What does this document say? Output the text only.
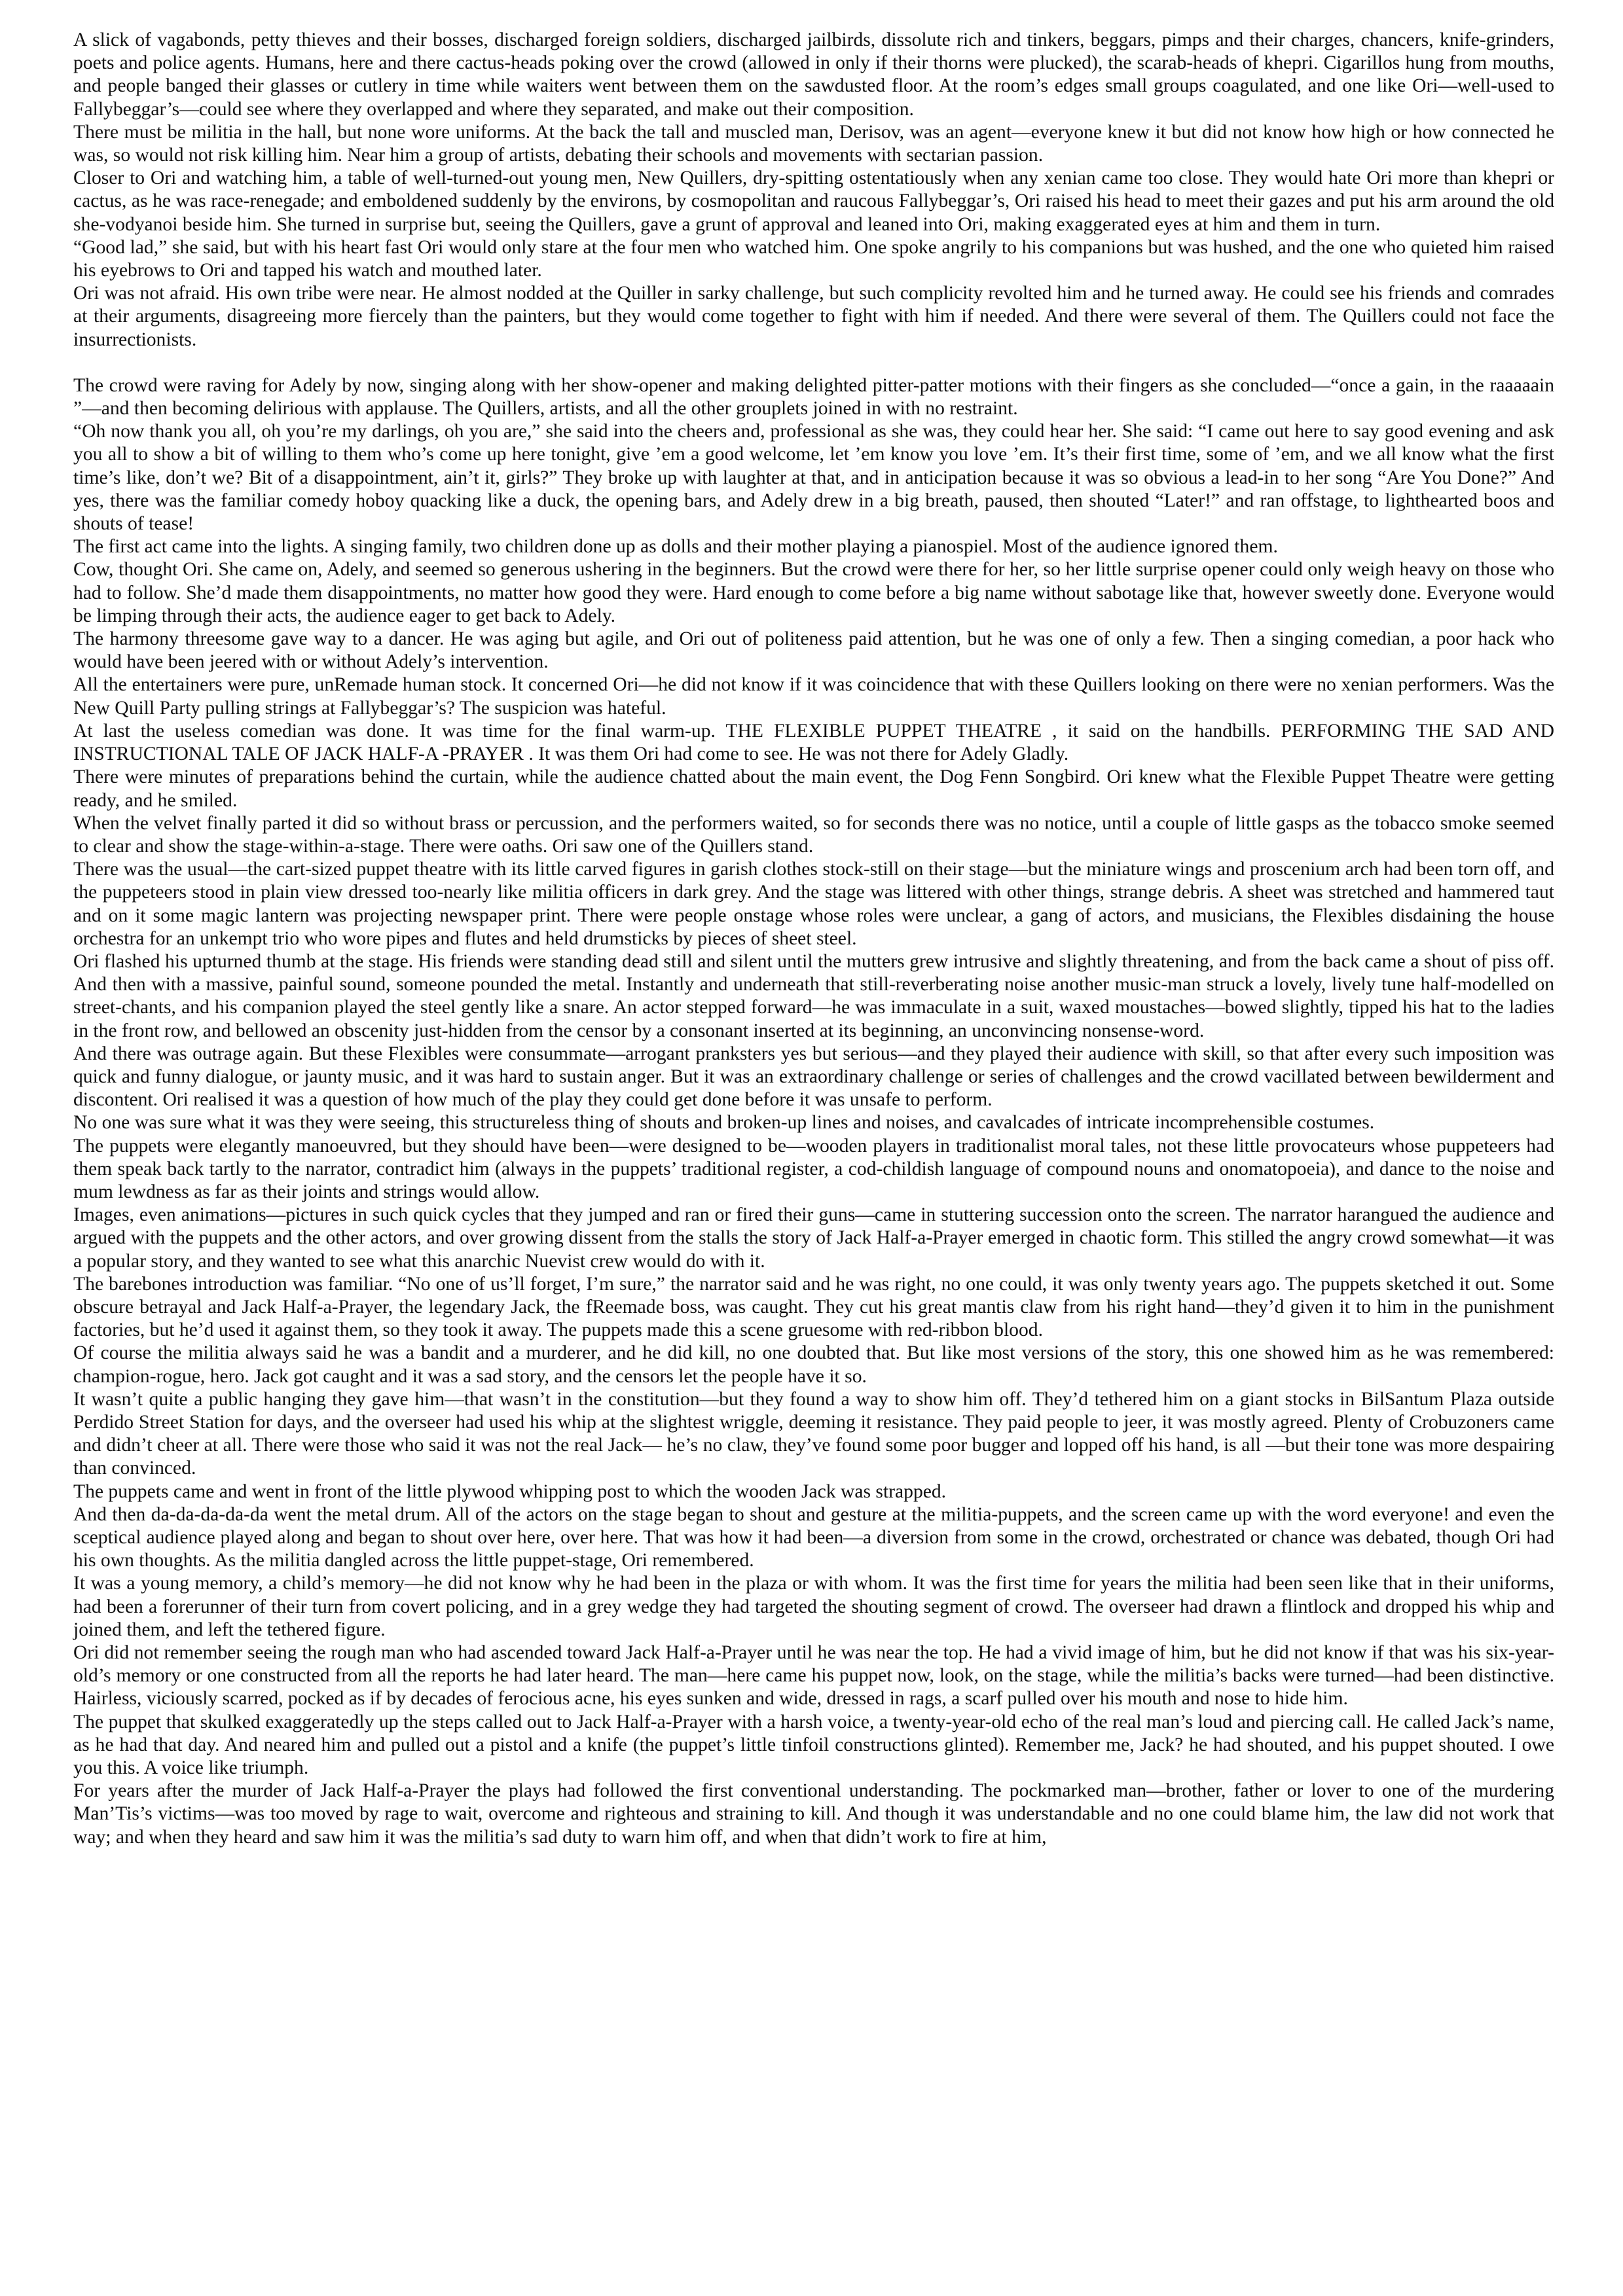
A slick of vagabonds, petty thieves and their bosses, discharged foreign soldiers, discharged jailbirds, dissolute rich and tinkers, beggars, pimps and their charges, chancers, knife-grinders, poets and police agents. Humans, here and there cactus-heads poking over the crowd (allowed in only if their thorns were plucked), the scarab-heads of khepri. Cigarillos hung from mouths, and people banged their glasses or cutlery in time while waiters went between them on the sawdusted floor. At the room’s edges small groups coagulated, and one like Ori—well-used to Fallybeggar’s—could see where they overlapped and where they separated, and make out their composition.

There must be militia in the hall, but none wore uniforms. At the back the tall and muscled man, Derisov, was an agent—everyone knew it but did not know how high or how connected he was, so would not risk killing him. Near him a group of artists, debating their schools and movements with sectarian passion.

Closer to Ori and watching him, a table of well-turned-out young men, New Quillers, dry-spitting ostentatiously when any xenian came too close. They would hate Ori more than khepri or cactus, as he was race-renegade; and emboldened suddenly by the environs, by cosmopolitan and raucous Fallybeggar’s, Ori raised his head to meet their gazes and put his arm around the old she-vodyanoi beside him. She turned in surprise but, seeing the Quillers, gave a grunt of approval and leaned into Ori, making exaggerated eyes at him and them in turn.

“Good lad,” she said, but with his heart fast Ori would only stare at the four men who watched him. One spoke angrily to his companions but was hushed, and the one who quieted him raised his eyebrows to Ori and tapped his watch and mouthed later.

Ori was not afraid. His own tribe were near. He almost nodded at the Quiller in sarky challenge, but such complicity revolted him and he turned away. He could see his friends and comrades at their arguments, disagreeing more fiercely than the painters, but they would come together to fight with him if needed. And there were several of them. The Quillers could not face the insurrectionists.

The crowd were raving for Adely by now, singing along with her show-opener and making delighted pitter-patter motions with their fingers as she concluded—“once a gain, in the raaaaain ”—and then becoming delirious with applause. The Quillers, artists, and all the other grouplets joined in with no restraint.

“Oh now thank you all, oh you’re my darlings, oh you are,” she said into the cheers and, professional as she was, they could hear her. She said: “I came out here to say good evening and ask you all to show a bit of willing to them who’s come up here tonight, give ’em a good welcome, let ’em know you love ’em. It’s their first time, some of ’em, and we all know what the first time’s like, don’t we? Bit of a disappointment, ain’t it, girls?” They broke up with laughter at that, and in anticipation because it was so obvious a lead-in to her song “Are You Done?” And yes, there was the familiar comedy hoboy quacking like a duck, the opening bars, and Adely drew in a big breath, paused, then shouted “Later!” and ran offstage, to lighthearted boos and shouts of tease!

The first act came into the lights. A singing family, two children done up as dolls and their mother playing a pianospiel. Most of the audience ignored them.

Cow, thought Ori. She came on, Adely, and seemed so generous ushering in the beginners. But the crowd were there for her, so her little surprise opener could only weigh heavy on those who had to follow. She’d made them disappointments, no matter how good they were. Hard enough to come before a big name without sabotage like that, however sweetly done. Everyone would be limping through their acts, the audience eager to get back to Adely.

The harmony threesome gave way to a dancer. He was aging but agile, and Ori out of politeness paid attention, but he was one of only a few. Then a singing comedian, a poor hack who would have been jeered with or without Adely’s intervention.

All the entertainers were pure, unRemade human stock. It concerned Ori—he did not know if it was coincidence that with these Quillers looking on there were no xenian performers. Was the New Quill Party pulling strings at Fallybeggar’s? The suspicion was hateful.

At last the useless comedian was done. It was time for the final warm-up. THE FLEXIBLE PUPPET THEATRE , it said on the handbills. PERFORMING THE SAD AND INSTRUCTIONAL TALE OF JACK HALF-A -PRAYER . It was them Ori had come to see. He was not there for Adely Gladly.

There were minutes of preparations behind the curtain, while the audience chatted about the main event, the Dog Fenn Songbird. Ori knew what the Flexible Puppet Theatre were getting ready, and he smiled.

When the velvet finally parted it did so without brass or percussion, and the performers waited, so for seconds there was no notice, until a couple of little gasps as the tobacco smoke seemed to clear and show the stage-within-a-stage. There were oaths. Ori saw one of the Quillers stand.

There was the usual—the cart-sized puppet theatre with its little carved figures in garish clothes stock-still on their stage—but the miniature wings and proscenium arch had been torn off, and the puppeteers stood in plain view dressed too-nearly like militia officers in dark grey. And the stage was littered with other things, strange debris. A sheet was stretched and hammered taut and on it some magic lantern was projecting newspaper print. There were people onstage whose roles were unclear, a gang of actors, and musicians, the Flexibles disdaining the house orchestra for an unkempt trio who wore pipes and flutes and held drumsticks by pieces of sheet steel.

Ori flashed his upturned thumb at the stage. His friends were standing dead still and silent until the mutters grew intrusive and slightly threatening, and from the back came a shout of piss off. And then with a massive, painful sound, someone pounded the metal. Instantly and underneath that still-reverberating noise another music-man struck a lovely, lively tune half-modelled on street-chants, and his companion played the steel gently like a snare. An actor stepped forward—he was immaculate in a suit, waxed moustaches—bowed slightly, tipped his hat to the ladies in the front row, and bellowed an obscenity just-hidden from the censor by a consonant inserted at its beginning, an unconvincing nonsense-word.

And there was outrage again. But these Flexibles were consummate—arrogant pranksters yes but serious—and they played their audience with skill, so that after every such imposition was quick and funny dialogue, or jaunty music, and it was hard to sustain anger. But it was an extraordinary challenge or series of challenges and the crowd vacillated between bewilderment and discontent. Ori realised it was a question of how much of the play they could get done before it was unsafe to perform.

No one was sure what it was they were seeing, this structureless thing of shouts and broken-up lines and noises, and cavalcades of intricate incomprehensible costumes.

The puppets were elegantly manoeuvred, but they should have been—were designed to be—wooden players in traditionalist moral tales, not these little provocateurs whose puppeteers had them speak back tartly to the narrator, contradict him (always in the puppets’ traditional register, a cod-childish language of compound nouns and onomatopoeia), and dance to the noise and mum lewdness as far as their joints and strings would allow.

Images, even animations—pictures in such quick cycles that they jumped and ran or fired their guns—came in stuttering succession onto the screen. The narrator harangued the audience and argued with the puppets and the other actors, and over growing dissent from the stalls the story of Jack Half-a-Prayer emerged in chaotic form. This stilled the angry crowd somewhat—it was a popular story, and they wanted to see what this anarchic Nuevist crew would do with it.

The barebones introduction was familiar. “No one of us’ll forget, I’m sure,” the narrator said and he was right, no one could, it was only twenty years ago. The puppets sketched it out. Some obscure betrayal and Jack Half-a-Prayer, the legendary Jack, the fReemade boss, was caught. They cut his great mantis claw from his right hand—they’d given it to him in the punishment factories, but he’d used it against them, so they took it away. The puppets made this a scene gruesome with red-ribbon blood.

Of course the militia always said he was a bandit and a murderer, and he did kill, no one doubted that. But like most versions of the story, this one showed him as he was remembered: champion-rogue, hero. Jack got caught and it was a sad story, and the censors let the people have it so.

It wasn’t quite a public hanging they gave him—that wasn’t in the constitution—but they found a way to show him off. They’d tethered him on a giant stocks in BilSantum Plaza outside Perdido Street Station for days, and the overseer had used his whip at the slightest wriggle, deeming it resistance. They paid people to jeer, it was mostly agreed. Plenty of Crobuzoners came and didn’t cheer at all. There were those who said it was not the real Jack— he’s no claw, they’ve found some poor bugger and lopped off his hand, is all —but their tone was more despairing than convinced.

The puppets came and went in front of the little plywood whipping post to which the wooden Jack was strapped.

And then da-da-da-da-da went the metal drum. All of the actors on the stage began to shout and gesture at the militia-puppets, and the screen came up with the word everyone! and even the sceptical audience played along and began to shout over here, over here. That was how it had been—a diversion from some in the crowd, orchestrated or chance was debated, though Ori had his own thoughts. As the militia dangled across the little puppet-stage, Ori remembered.

It was a young memory, a child’s memory—he did not know why he had been in the plaza or with whom. It was the first time for years the militia had been seen like that in their uniforms, had been a forerunner of their turn from covert policing, and in a grey wedge they had targeted the shouting segment of crowd. The overseer had drawn a flintlock and dropped his whip and joined them, and left the tethered figure.

Ori did not remember seeing the rough man who had ascended toward Jack Half-a-Prayer until he was near the top. He had a vivid image of him, but he did not know if that was his six-year-old’s memory or one constructed from all the reports he had later heard. The man—here came his puppet now, look, on the stage, while the militia’s backs were turned—had been distinctive. Hairless, viciously scarred, pocked as if by decades of ferocious acne, his eyes sunken and wide, dressed in rags, a scarf pulled over his mouth and nose to hide him.

The puppet that skulked exaggeratedly up the steps called out to Jack Half-a-Prayer with a harsh voice, a twenty-year-old echo of the real man’s loud and piercing call. He called Jack’s name, as he had that day. And neared him and pulled out a pistol and a knife (the puppet’s little tinfoil constructions glinted). Remember me, Jack? he had shouted, and his puppet shouted. I owe you this. A voice like triumph.

For years after the murder of Jack Half-a-Prayer the plays had followed the first conventional understanding. The pockmarked man—brother, father or lover to one of the murdering Man’Tis’s victims—was too moved by rage to wait, overcome and righteous and straining to kill. And though it was understandable and no one could blame him, the law did not work that way; and when they heard and saw him it was the militia’s sad duty to warn him off, and when that didn’t work to fire at him,
